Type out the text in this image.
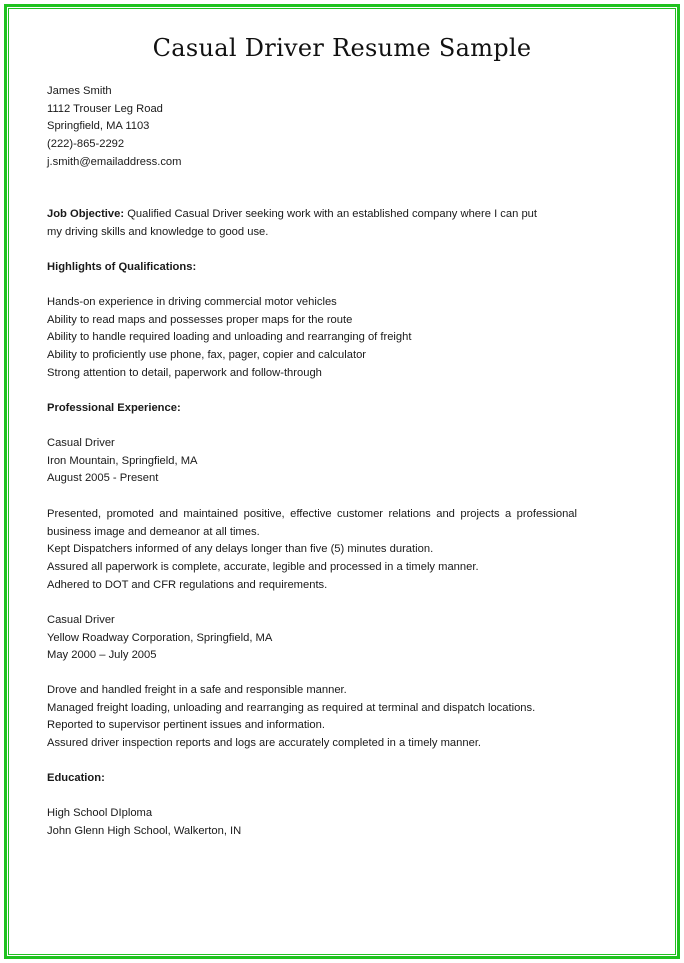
Casual Driver Resume Sample
James Smith
1112 Trouser Leg Road
Springfield, MA 1103
(222)-865-2292
j.smith@emailaddress.com
Job Objective: Qualified Casual Driver seeking work with an established company where I can put
my driving skills and knowledge to good use.
Highlights of Qualifications:
Hands-on experience in driving commercial motor vehicles
Ability to read maps and possesses proper maps for the route
Ability to handle required loading and unloading and rearranging of freight
Ability to proficiently use phone, fax, pager, copier and calculator
Strong attention to detail, paperwork and follow-through
Professional Experience:
Casual Driver
Iron Mountain, Springfield, MA
August 2005 - Present
Presented, promoted and maintained positive, effective customer relations and projects a professional business image and demeanor at all times.
Kept Dispatchers informed of any delays longer than five (5) minutes duration.
Assured all paperwork is complete, accurate, legible and processed in a timely manner.
Adhered to DOT and CFR regulations and requirements.
Casual Driver
Yellow Roadway Corporation, Springfield, MA
May 2000 – July 2005
Drove and handled freight in a safe and responsible manner.
Managed freight loading, unloading and rearranging as required at terminal and dispatch locations.
Reported to supervisor pertinent issues and information.
Assured driver inspection reports and logs are accurately completed in a timely manner.
Education:
High School DIploma
John Glenn High School, Walkerton, IN
